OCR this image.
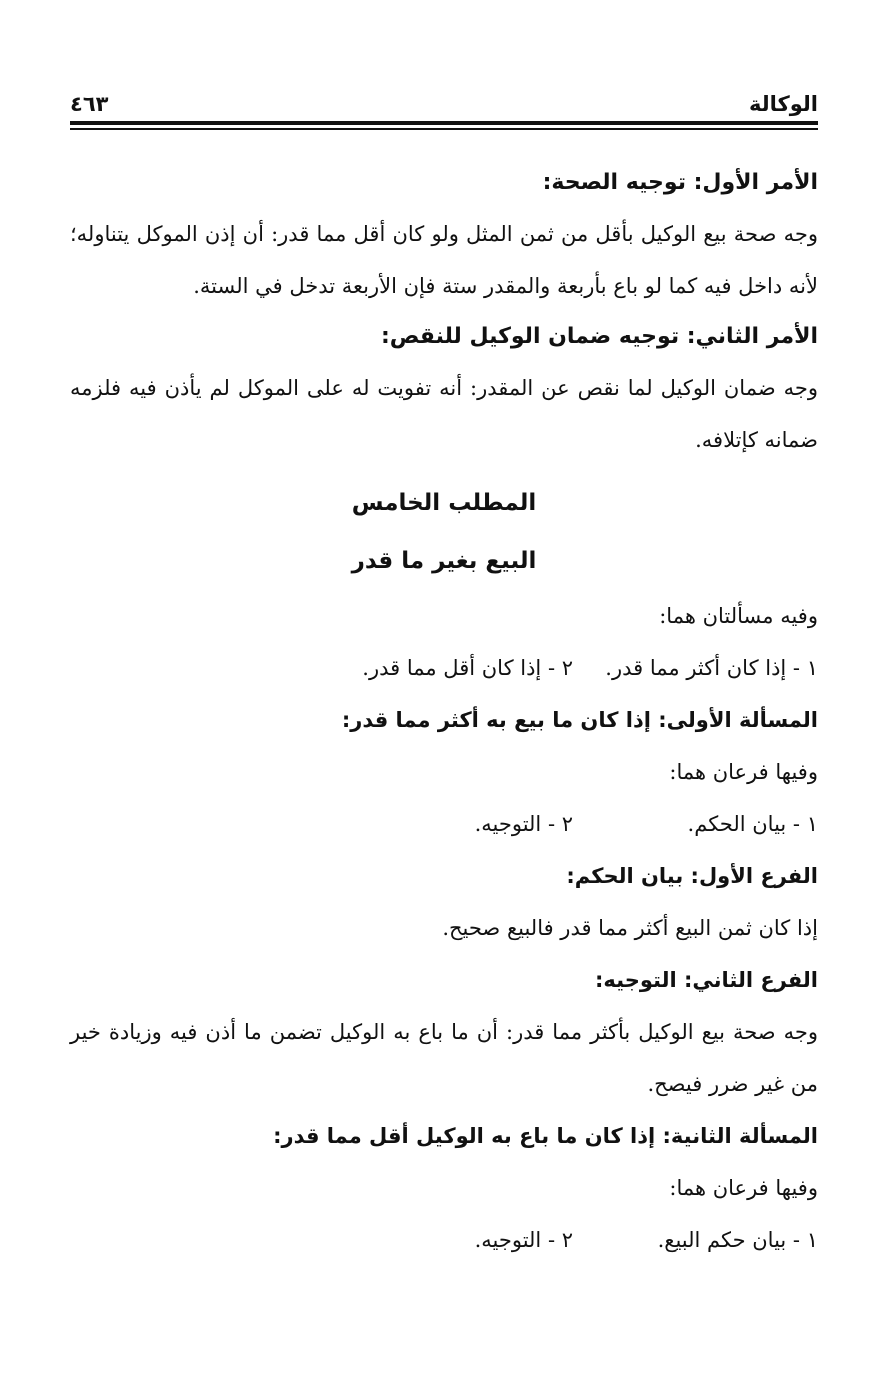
الوكالة
٤٦٣

الأمر الأول: توجيه الصحة:

وجه صحة بيع الوكيل بأقل من ثمن المثل ولو كان أقل مما قدر: أن إذن الموكل يتناوله؛ لأنه داخل فيه كما لو باع بأربعة والمقدر ستة فإن الأربعة تدخل في الستة.

الأمر الثاني: توجيه ضمان الوكيل للنقص:

وجه ضمان الوكيل لما نقص عن المقدر: أنه تفويت له على الموكل لم يأذن فيه فلزمه ضمانه كإتلافه.

المطلب الخامس

البيع بغير ما قدر

وفيه مسألتان هما:

١ - إذا كان أكثر مما قدر.
٢ - إذا كان أقل مما قدر.

المسألة الأولى: إذا كان ما بيع به أكثر مما قدر:

وفيها فرعان هما:

١ - بيان الحكم.
٢ - التوجيه.

الفرع الأول: بيان الحكم:

إذا كان ثمن البيع أكثر مما قدر فالبيع صحيح.

الفرع الثاني: التوجيه:

وجه صحة بيع الوكيل بأكثر مما قدر: أن ما باع به الوكيل تضمن ما أذن فيه وزيادة خير من غير ضرر فيصح.

المسألة الثانية: إذا كان ما باع به الوكيل أقل مما قدر:

وفيها فرعان هما:

١ - بيان حكم البيع.
٢ - التوجيه.
